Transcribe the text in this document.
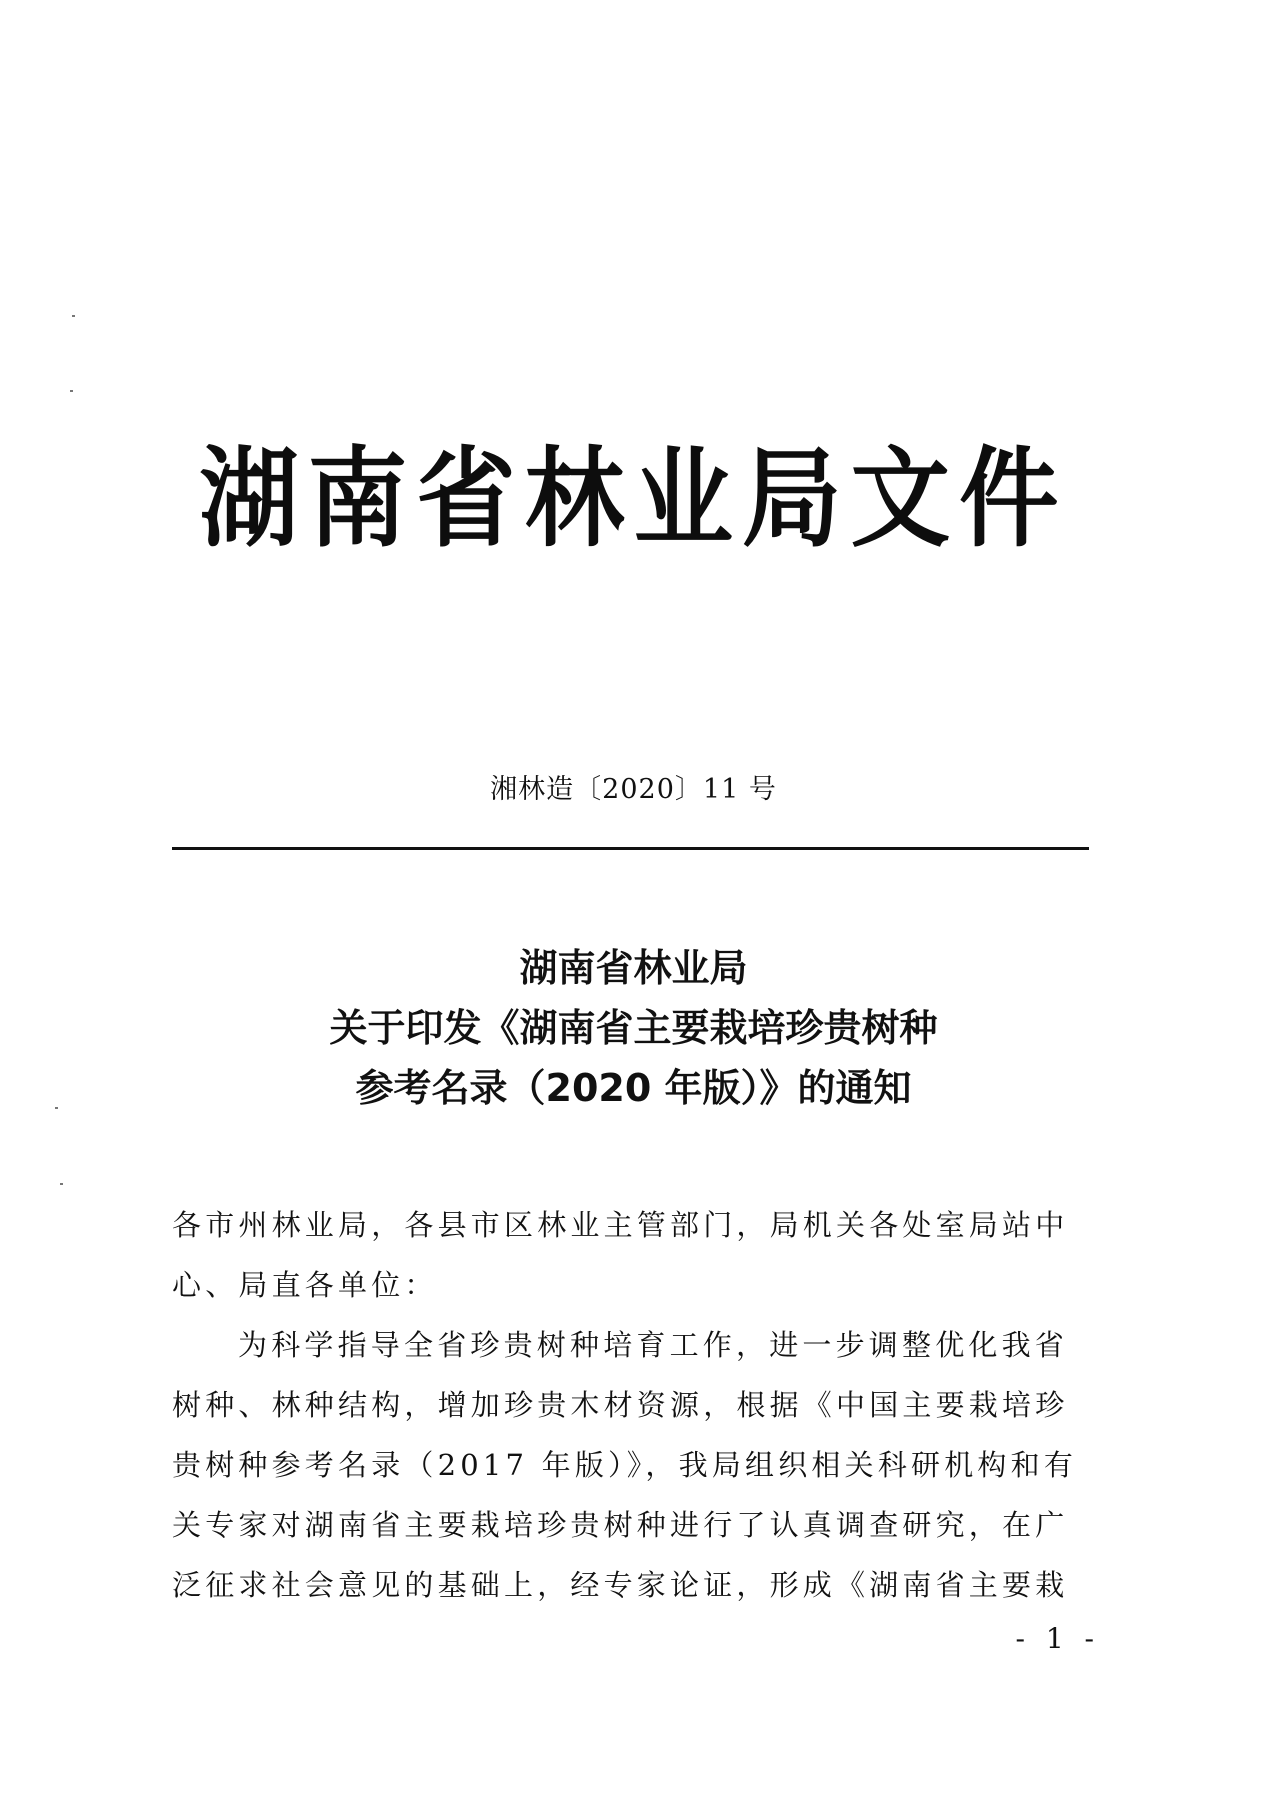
湖南省林业局文件
湘林造〔2020〕11 号
湖南省林业局
关于印发《湖南省主要栽培珍贵树种
参考名录（2020 年版）》的通知
各市州林业局，各县市区林业主管部门，局机关各处室局站中
心、局直各单位：
为科学指导全省珍贵树种培育工作，进一步调整优化我省
树种、林种结构，增加珍贵木材资源，根据《中国主要栽培珍
贵树种参考名录（2017 年版）》，我局组织相关科研机构和有
关专家对湖南省主要栽培珍贵树种进行了认真调查研究，在广
泛征求社会意见的基础上，经专家论证，形成《湖南省主要栽
- 1 -
